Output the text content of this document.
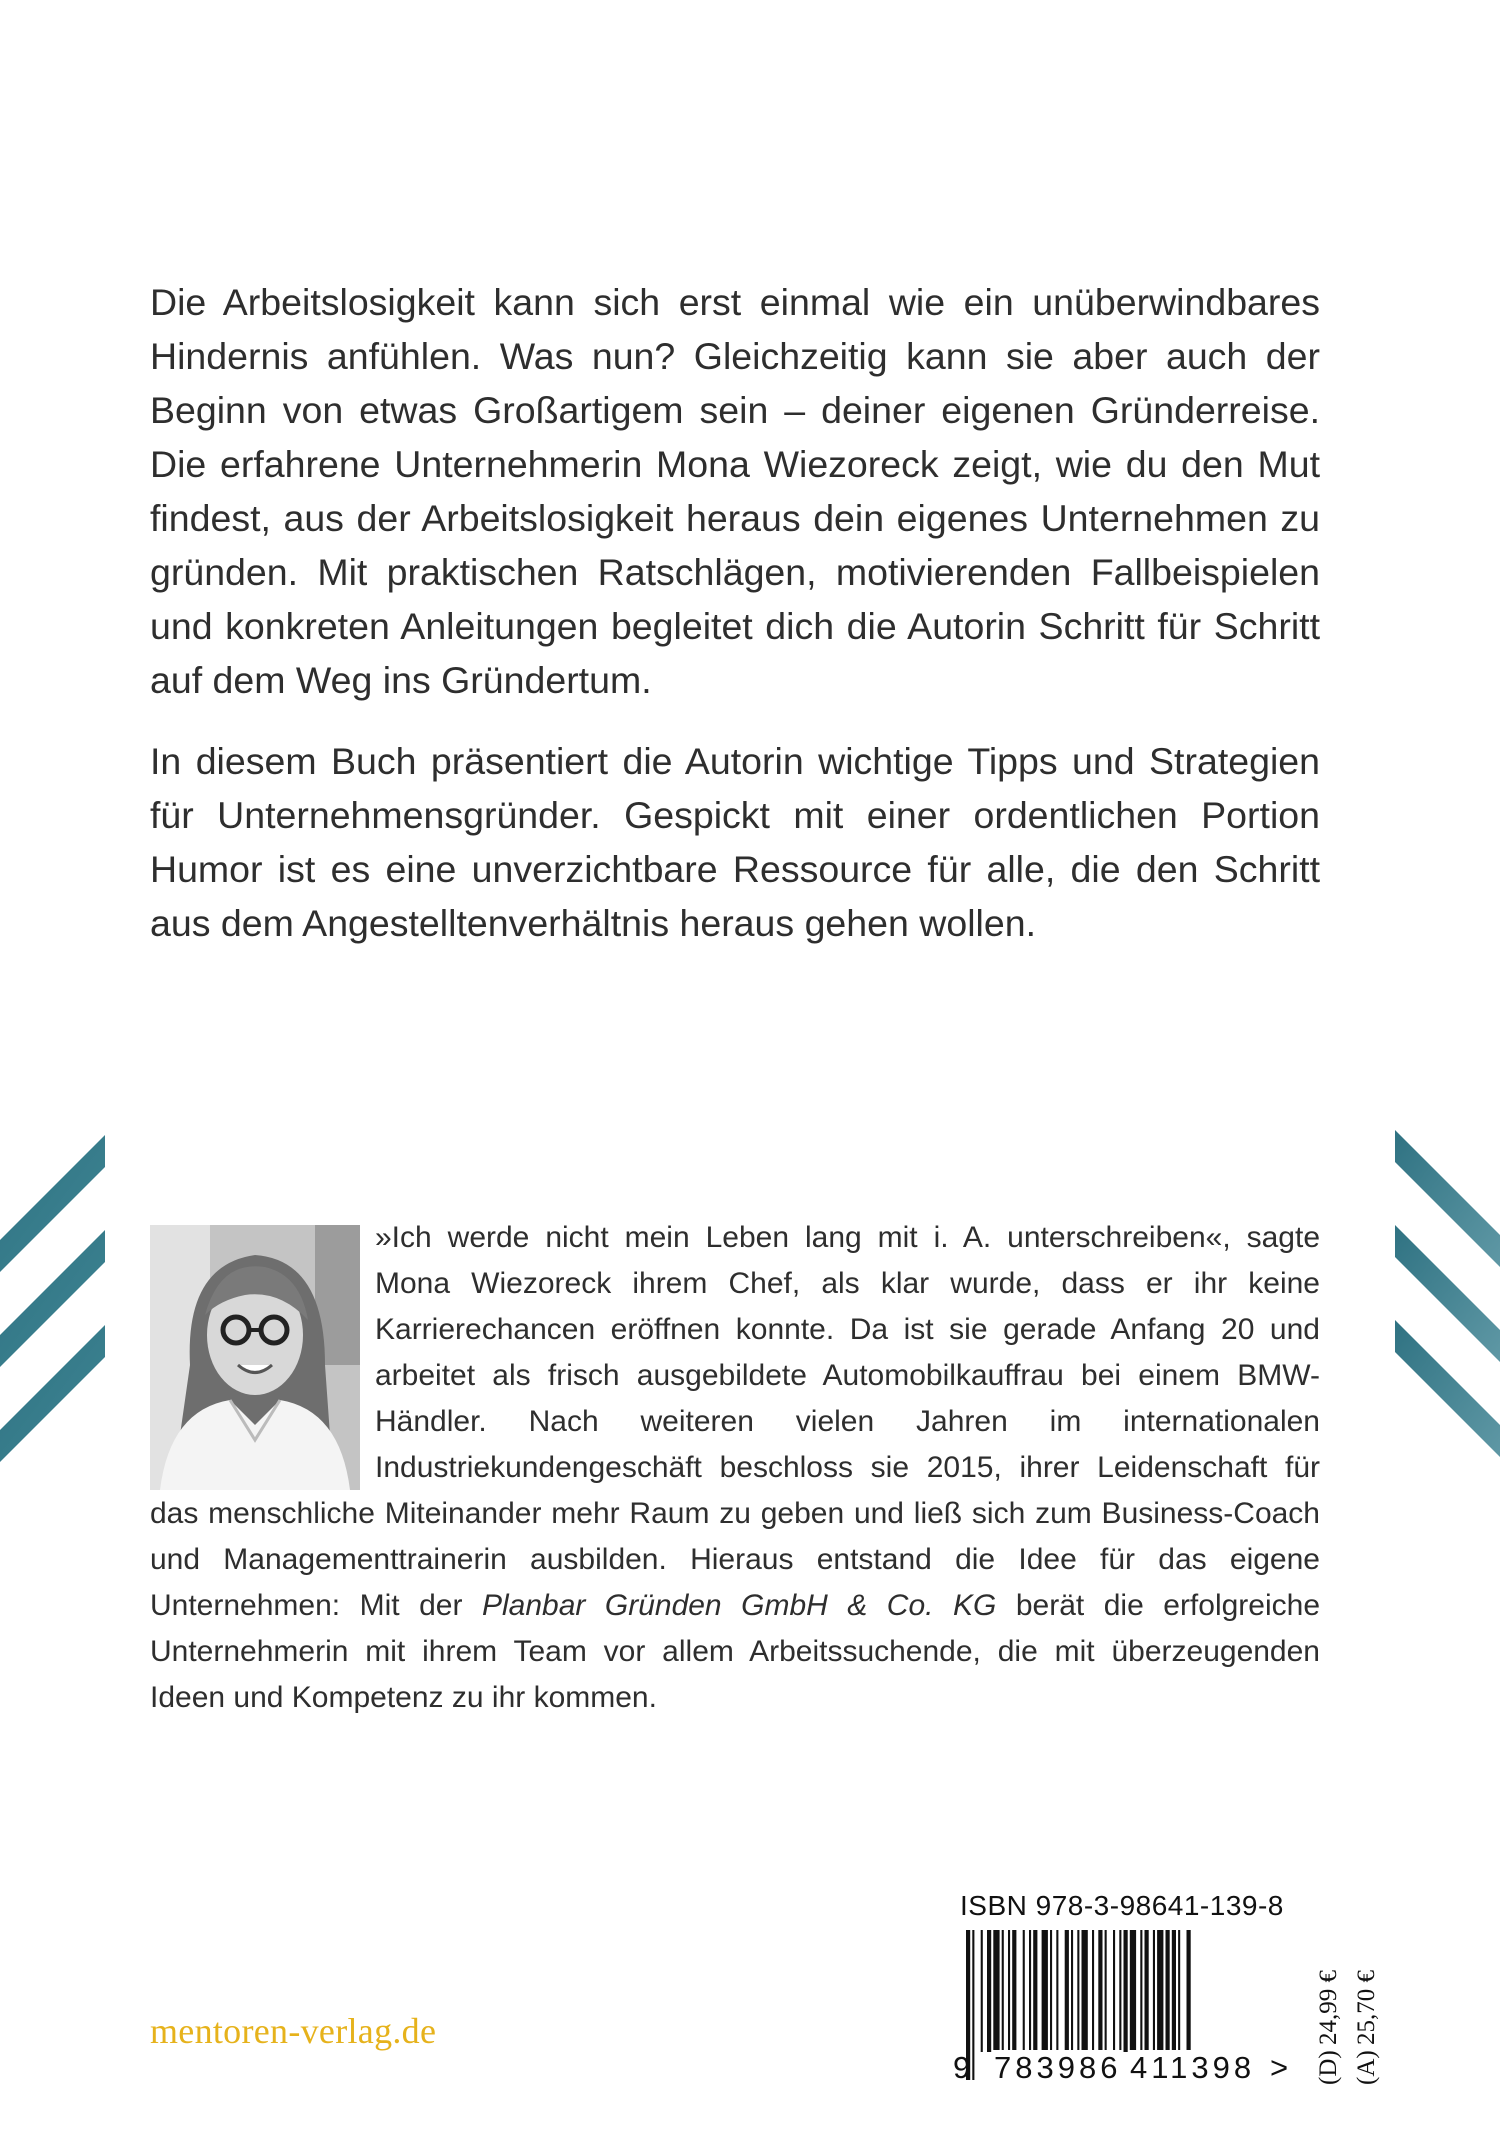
Die Arbeitslosigkeit kann sich erst einmal wie ein unüberwindbares Hindernis anfühlen. Was nun? Gleichzeitig kann sie aber auch der Beginn von etwas Großartigem sein – deiner eigenen Gründerreise. Die erfahrene Unternehmerin Mona Wiezoreck zeigt, wie du den Mut findest, aus der Arbeitslosigkeit heraus dein eigenes Unternehmen zu gründen. Mit praktischen Ratschlägen, motivierenden Fallbeispielen und konkreten Anleitungen begleitet dich die Autorin Schritt für Schritt auf dem Weg ins Gründertum.

In diesem Buch präsentiert die Autorin wichtige Tipps und Strategien für Unternehmensgründer. Gespickt mit einer ordentlichen Portion Humor ist es eine unverzichtbare Ressource für alle, die den Schritt aus dem Angestelltenverhältnis heraus gehen wollen.

»Ich werde nicht mein Leben lang mit i. A. unterschreiben«, sagte Mona Wiezoreck ihrem Chef, als klar wurde, dass er ihr keine Karrierechancen eröffnen konnte. Da ist sie gerade Anfang 20 und arbeitet als frisch ausgebildete Automobilkauffrau bei einem BMW-Händler. Nach weiteren vielen Jahren im internationalen Industriekundengeschäft beschloss sie 2015, ihrer Leidenschaft für das menschliche Miteinander mehr Raum zu geben und ließ sich zum Business-Coach und Managementtrainerin ausbilden. Hieraus entstand die Idee für das eigene Unternehmen: Mit der Planbar Gründen GmbH & Co. KG berät die erfolgreiche Unternehmerin mit ihrem Team vor allem Arbeitssuchende, die mit überzeugenden Ideen und Kompetenz zu ihr kommen.

mentoren-verlag.de
ISBN 978-3-98641-139-8
9 783986 411398 > (D)24,99 €
(A)25,70 €
